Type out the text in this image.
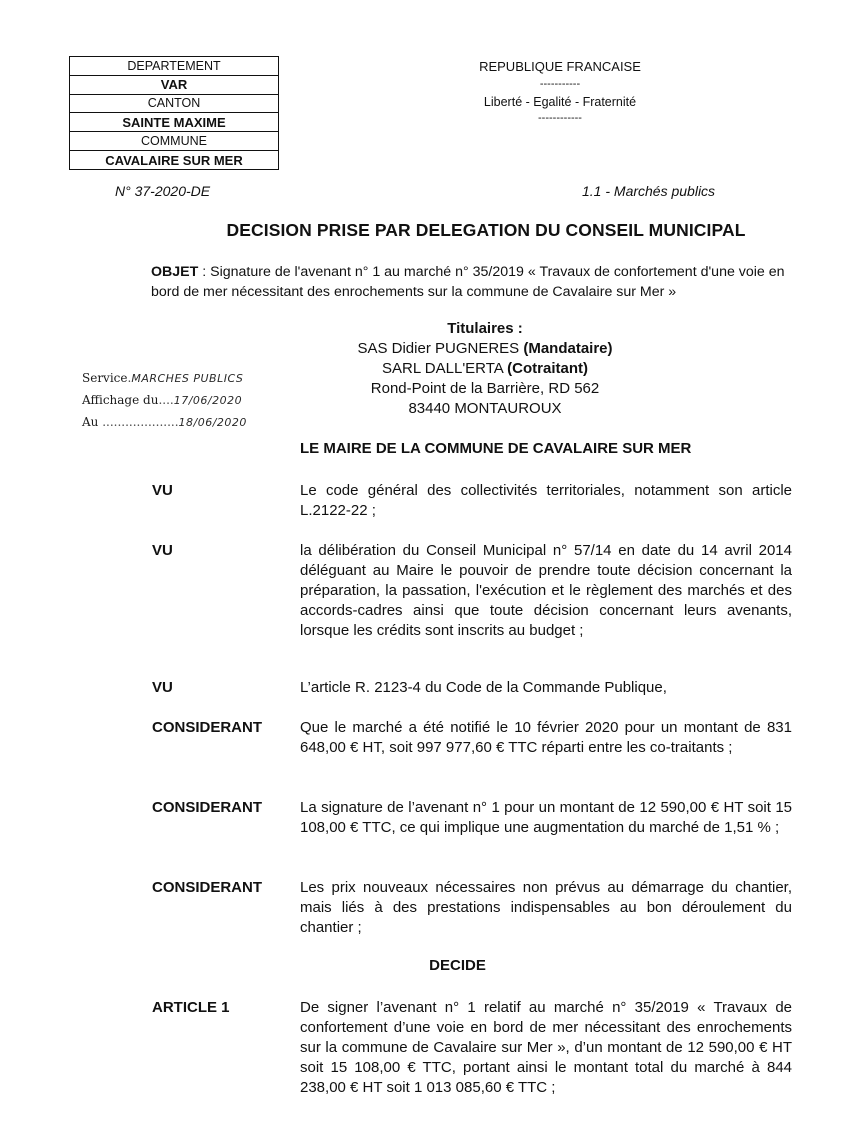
DEPARTEMENT
VAR
CANTON
SAINTE MAXIME
COMMUNE
CAVALAIRE SUR MER
REPUBLIQUE FRANCAISE
-----------
Liberté - Egalité - Fraternité
------------
N° 37-2020-DE	1.1 - Marchés publics
DECISION PRISE PAR DELEGATION DU CONSEIL MUNICIPAL
OBJET : Signature de l'avenant n° 1 au marché n° 35/2019 « Travaux de confortement d'une voie en bord de mer nécessitant des enrochements sur la commune de Cavalaire sur Mer »
Titulaires :
SAS Didier PUGNERES (Mandataire)
SARL DALL'ERTA (Cotraitant)
Rond-Point de la Barrière, RD 562
83440 MONTAUROUX
Service.MARCHES PUBLICS
Affichage du....17/06/2020
Au ....................18/06/2020
LE MAIRE DE LA COMMUNE DE CAVALAIRE SUR MER
VU	Le code général des collectivités territoriales, notamment son article L.2122-22 ;
VU	la délibération du Conseil Municipal n° 57/14 en date du 14 avril 2014 déléguant au Maire le pouvoir de prendre toute décision concernant la préparation, la passation, l'exécution et le règlement des marchés et des accords-cadres ainsi que toute décision concernant leurs avenants, lorsque les crédits sont inscrits au budget ;
VU	L’article R. 2123-4 du Code de la Commande Publique,
CONSIDERANT	Que le marché a été notifié le 10 février 2020 pour un montant de 831 648,00 € HT, soit 997 977,60 € TTC réparti entre les co-traitants ;
CONSIDERANT	La signature de l’avenant n° 1 pour un montant de 12 590,00 € HT soit 15 108,00 € TTC, ce qui implique une augmentation du marché de 1,51 % ;
CONSIDERANT	Les prix nouveaux nécessaires non prévus au démarrage du chantier, mais liés à des prestations indispensables au bon déroulement du chantier ;
DECIDE
ARTICLE 1	De signer l’avenant n° 1 relatif au marché n° 35/2019 « Travaux de confortement d’une voie en bord de mer nécessitant des enrochements sur la commune de Cavalaire sur Mer », d’un montant de 12 590,00 € HT soit 15 108,00 € TTC, portant ainsi le montant total du marché à 844 238,00 € HT soit 1 013 085,60 € TTC ;
